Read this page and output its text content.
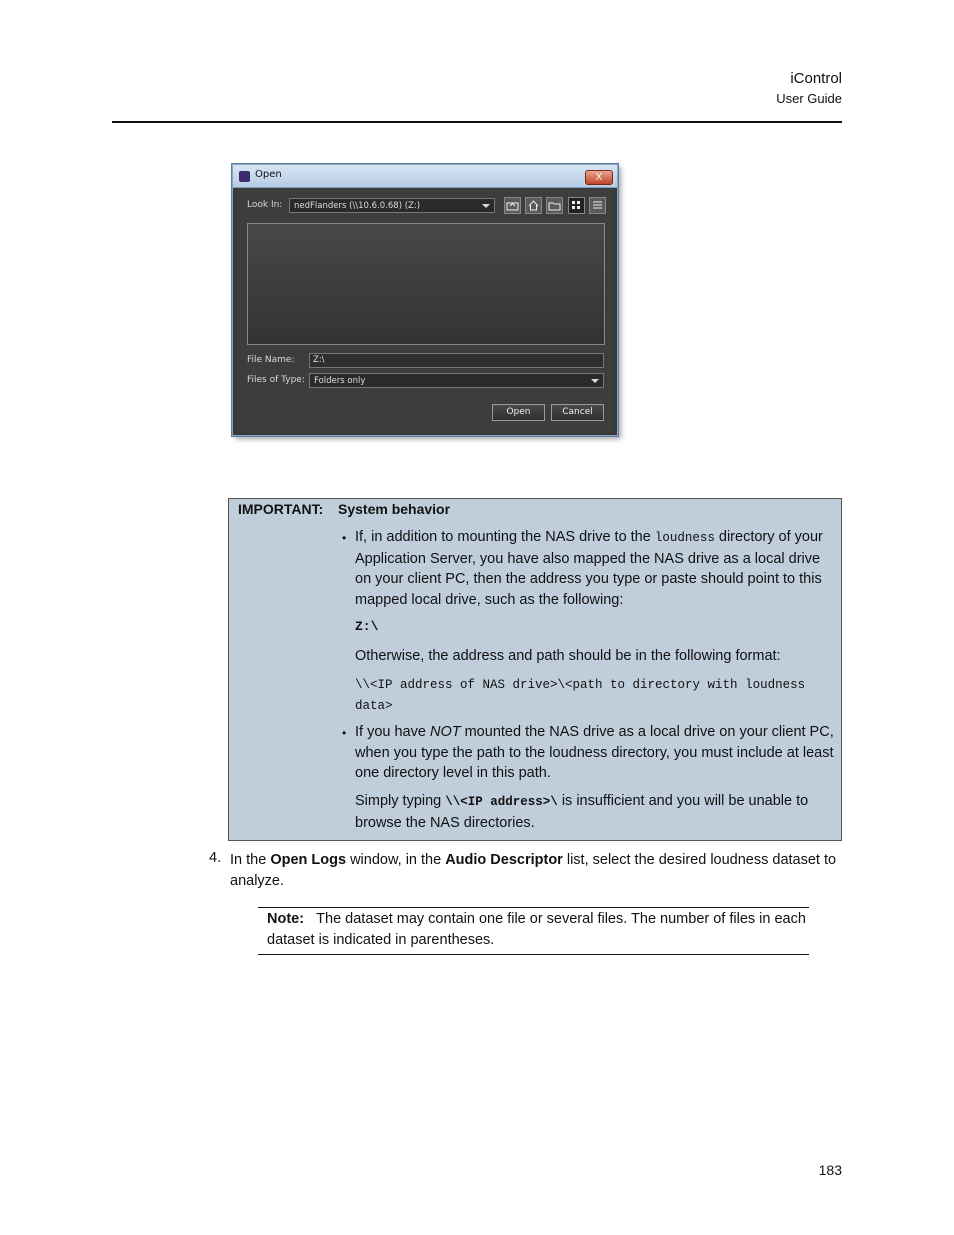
iControl
User Guide
Open	X
Look In:	nedFlanders (\\10.6.0.68) (Z:)
File Name:	Z:\
Files of Type:	Folders only
Open	Cancel
IMPORTANT: System behavior
• If, in addition to mounting the NAS drive to the loudness directory of your Application Server, you have also mapped the NAS drive as a local drive on your client PC, then the address you type or paste should point to this mapped local drive, such as the following:
Z:\
Otherwise, the address and path should be in the following format:
\\<IP address of NAS drive>\<path to directory with loudness
data>
• If you have NOT mounted the NAS drive as a local drive on your client PC, when you type the path to the loudness directory, you must include at least one directory level in this path.
Simply typing \\<IP address>\ is insufficient and you will be unable to browse the NAS directories.
4. In the Open Logs window, in the Audio Descriptor list, select the desired loudness dataset to analyze.
Note: The dataset may contain one file or several files. The number of files in each dataset is indicated in parentheses.
183
